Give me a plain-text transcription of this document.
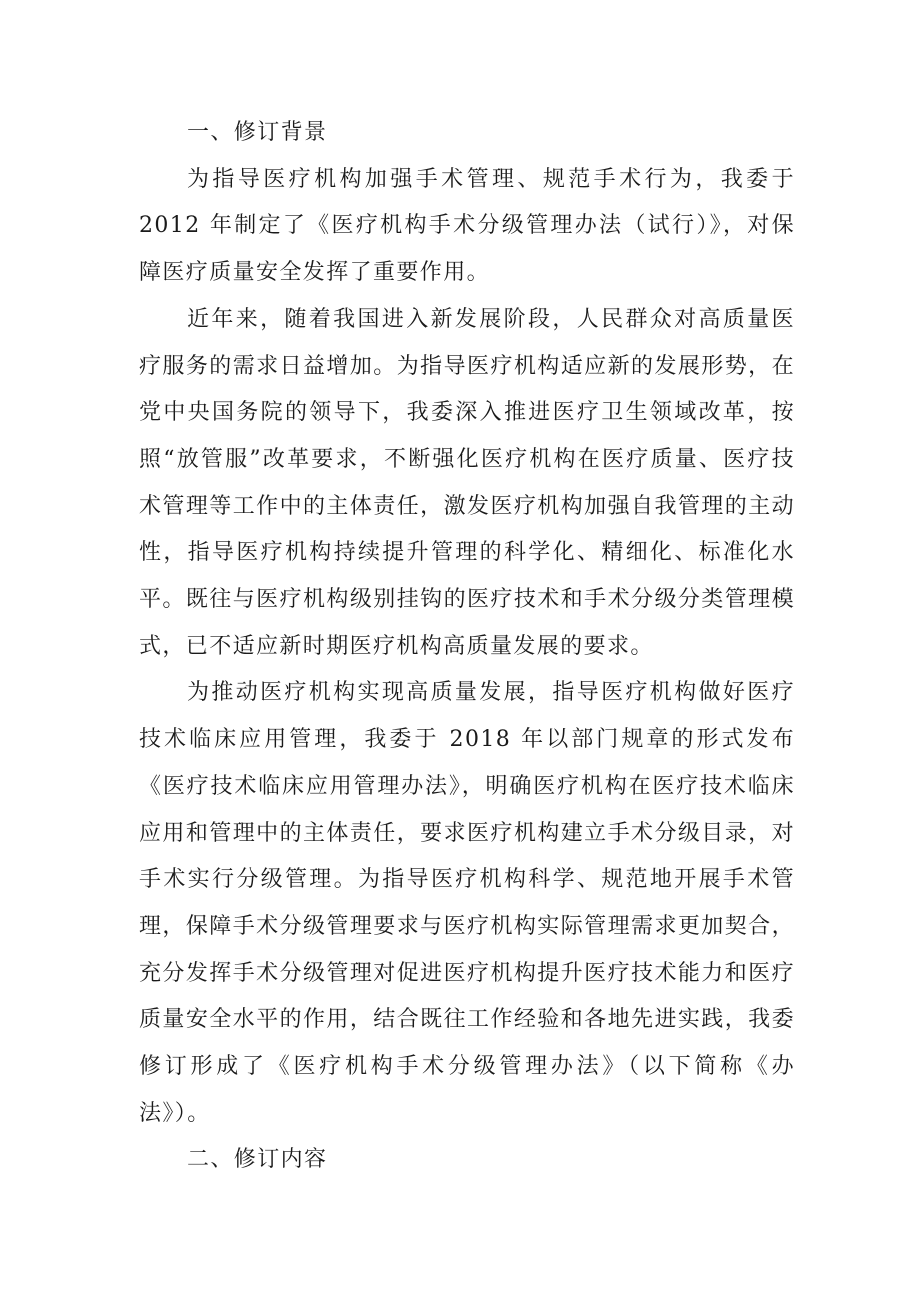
一、修订背景

为指导医疗机构加强手术管理、规范手术行为，我委于 2012 年制定了《医疗机构手术分级管理办法（试行）》，对保障医疗质量安全发挥了重要作用。

近年来，随着我国进入新发展阶段，人民群众对高质量医疗服务的需求日益增加。为指导医疗机构适应新的发展形势，在党中央国务院的领导下，我委深入推进医疗卫生领域改革，按照“放管服”改革要求，不断强化医疗机构在医疗质量、医疗技术管理等工作中的主体责任，激发医疗机构加强自我管理的主动性，指导医疗机构持续提升管理的科学化、精细化、标准化水平。既往与医疗机构级别挂钩的医疗技术和手术分级分类管理模式，已不适应新时期医疗机构高质量发展的要求。

为推动医疗机构实现高质量发展，指导医疗机构做好医疗技术临床应用管理，我委于 2018 年以部门规章的形式发布《医疗技术临床应用管理办法》，明确医疗机构在医疗技术临床应用和管理中的主体责任，要求医疗机构建立手术分级目录，对手术实行分级管理。为指导医疗机构科学、规范地开展手术管理，保障手术分级管理要求与医疗机构实际管理需求更加契合，充分发挥手术分级管理对促进医疗机构提升医疗技术能力和医疗质量安全水平的作用，结合既往工作经验和各地先进实践，我委修订形成了《医疗机构手术分级管理办法》（以下简称《办法》）。

二、修订内容
